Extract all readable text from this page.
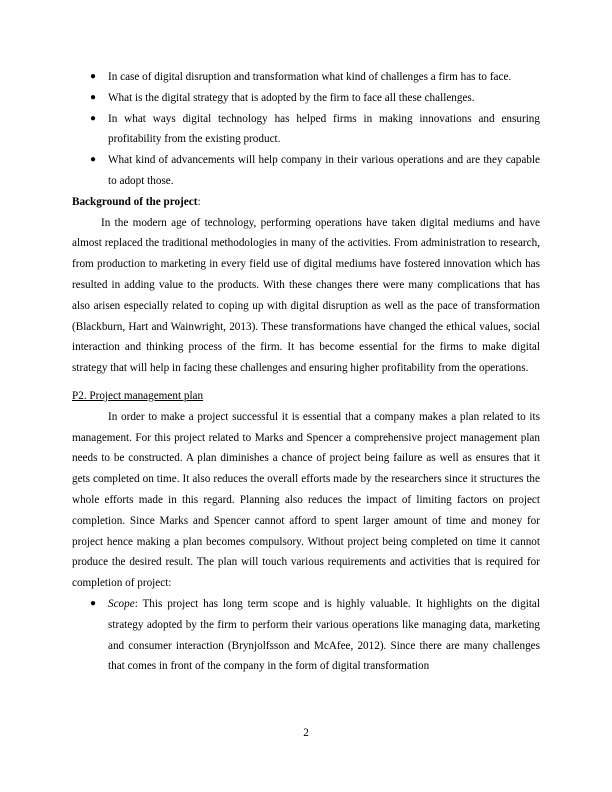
●	In case of digital disruption and transformation what kind of challenges a firm has to face.
●	What is the digital strategy that is adopted by the firm to face all these challenges.
●	In what ways digital technology has helped firms in making innovations and ensuring profitability from the existing product.
●	What kind of advancements will help company in their various operations and are they capable to adopt those.

Background of the project:

In the modern age of technology, performing operations have taken digital mediums and have almost replaced the traditional methodologies in many of the activities. From administration to research, from production to marketing in every field use of digital mediums have fostered innovation which has resulted in adding value to the products. With these changes there were many complications that has also arisen especially related to coping up with digital disruption as well as the pace of transformation (Blackburn, Hart and Wainwright, 2013). These transformations have changed the ethical values, social interaction and thinking process of the firm. It has become essential for the firms to make digital strategy that will help in facing these challenges and ensuring higher profitability from the operations.

P2. Project management plan

In order to make a project successful it is essential that a company makes a plan related to its management. For this project related to Marks and Spencer a comprehensive project management plan needs to be constructed. A plan diminishes a chance of project being failure as well as ensures that it gets completed on time. It also reduces the overall efforts made by the researchers since it structures the whole efforts made in this regard. Planning also reduces the impact of limiting factors on project completion. Since Marks and Spencer cannot afford to spent larger amount of time and money for project hence making a plan becomes compulsory. Without project being completed on time it cannot produce the desired result. The plan will touch various requirements and activities that is required for completion of project:

●	Scope: This project has long term scope and is highly valuable. It highlights on the digital strategy adopted by the firm to perform their various operations like managing data, marketing and consumer interaction (Brynjolfsson and McAfee, 2012). Since there are many challenges that comes in front of the company in the form of digital transformation
2
